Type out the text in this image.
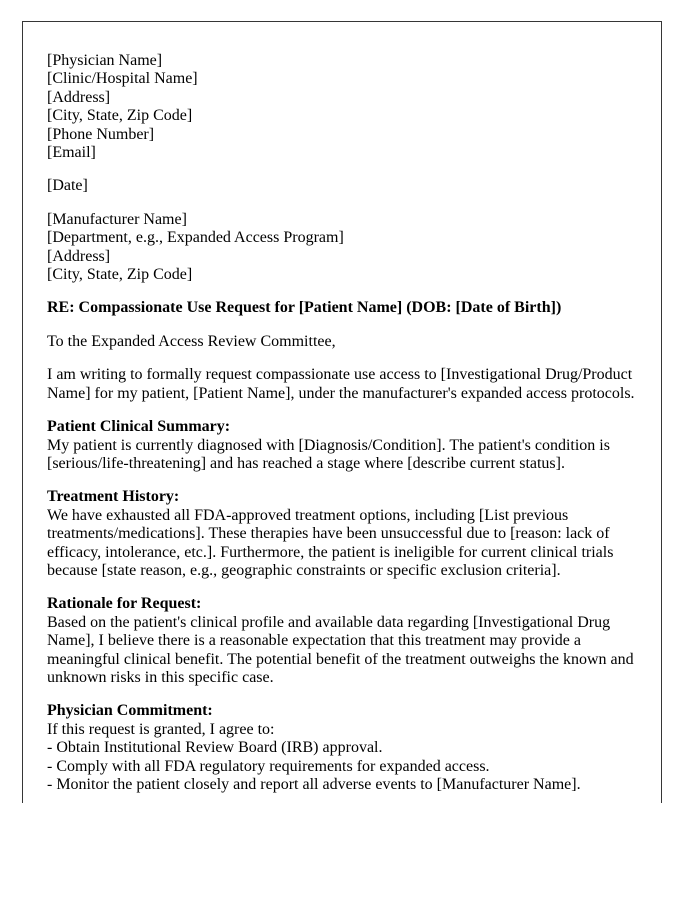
[Physician Name]
[Clinic/Hospital Name]
[Address]
[City, State, Zip Code]
[Phone Number]
[Email]
[Date]
[Manufacturer Name]
[Department, e.g., Expanded Access Program]
[Address]
[City, State, Zip Code]
RE: Compassionate Use Request for [Patient Name] (DOB: [Date of Birth])
To the Expanded Access Review Committee,
I am writing to formally request compassionate use access to [Investigational Drug/Product Name] for my patient, [Patient Name], under the manufacturer's expanded access protocols.
Patient Clinical Summary:
My patient is currently diagnosed with [Diagnosis/Condition]. The patient's condition is [serious/life-threatening] and has reached a stage where [describe current status].
Treatment History:
We have exhausted all FDA-approved treatment options, including [List previous treatments/medications]. These therapies have been unsuccessful due to [reason: lack of efficacy, intolerance, etc.]. Furthermore, the patient is ineligible for current clinical trials because [state reason, e.g., geographic constraints or specific exclusion criteria].
Rationale for Request:
Based on the patient's clinical profile and available data regarding [Investigational Drug Name], I believe there is a reasonable expectation that this treatment may provide a meaningful clinical benefit. The potential benefit of the treatment outweighs the known and unknown risks in this specific case.
Physician Commitment:
If this request is granted, I agree to:
- Obtain Institutional Review Board (IRB) approval.
- Comply with all FDA regulatory requirements for expanded access.
- Monitor the patient closely and report all adverse events to [Manufacturer Name].
